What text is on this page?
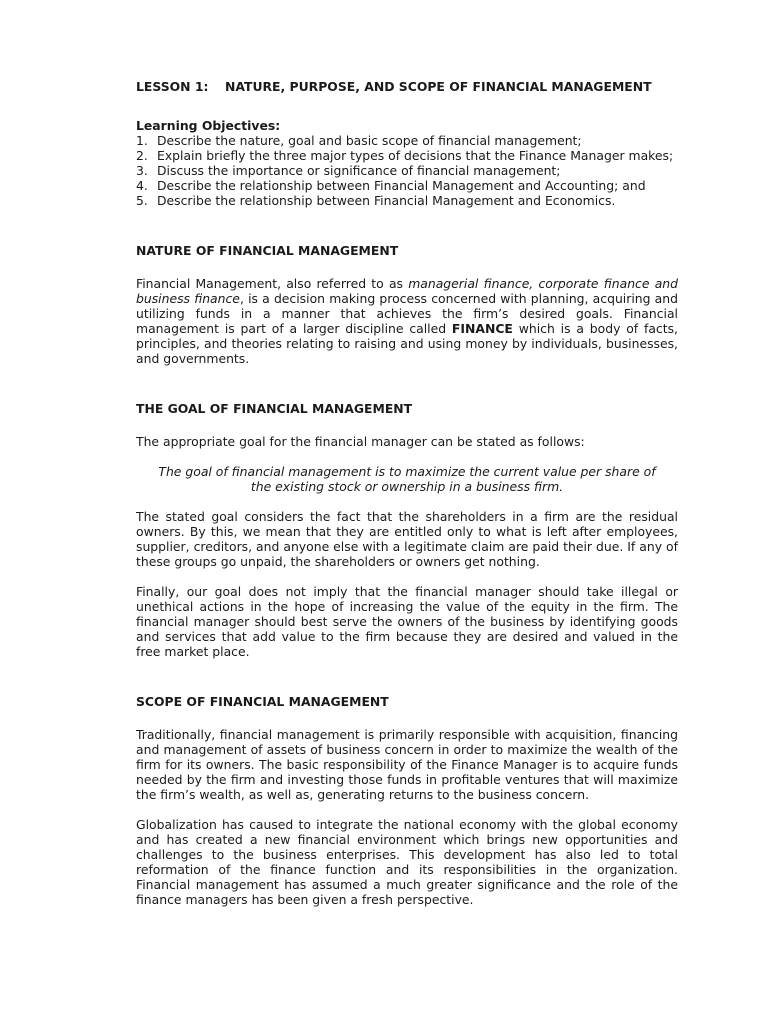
LESSON 1: NATURE, PURPOSE, AND SCOPE OF FINANCIAL MANAGEMENT
Learning Objectives:
1. Describe the nature, goal and basic scope of financial management;
2. Explain briefly the three major types of decisions that the Finance Manager makes;
3. Discuss the importance or significance of financial management;
4. Describe the relationship between Financial Management and Accounting; and
5. Describe the relationship between Financial Management and Economics.
NATURE OF FINANCIAL MANAGEMENT

Financial Management, also referred to as managerial finance, corporate finance and business finance, is a decision making process concerned with planning, acquiring and utilizing funds in a manner that achieves the firm’s desired goals. Financial management is part of a larger discipline called FINANCE which is a body of facts, principles, and theories relating to raising and using money by individuals, businesses, and governments.

THE GOAL OF FINANCIAL MANAGEMENT

The appropriate goal for the financial manager can be stated as follows:

The goal of financial management is to maximize the current value per share of
the existing stock or ownership in a business firm.

The stated goal considers the fact that the shareholders in a firm are the residual owners. By this, we mean that they are entitled only to what is left after employees, supplier, creditors, and anyone else with a legitimate claim are paid their due. If any of these groups go unpaid, the shareholders or owners get nothing.

Finally, our goal does not imply that the financial manager should take illegal or unethical actions in the hope of increasing the value of the equity in the firm. The financial manager should best serve the owners of the business by identifying goods and services that add value to the firm because they are desired and valued in the free market place.

SCOPE OF FINANCIAL MANAGEMENT

Traditionally, financial management is primarily responsible with acquisition, financing and management of assets of business concern in order to maximize the wealth of the firm for its owners. The basic responsibility of the Finance Manager is to acquire funds needed by the firm and investing those funds in profitable ventures that will maximize the firm’s wealth, as well as, generating returns to the business concern.

Globalization has caused to integrate the national economy with the global economy and has created a new financial environment which brings new opportunities and challenges to the business enterprises. This development has also led to total reformation of the finance function and its responsibilities in the organization. Financial management has assumed a much greater significance and the role of the finance managers has been given a fresh perspective.
